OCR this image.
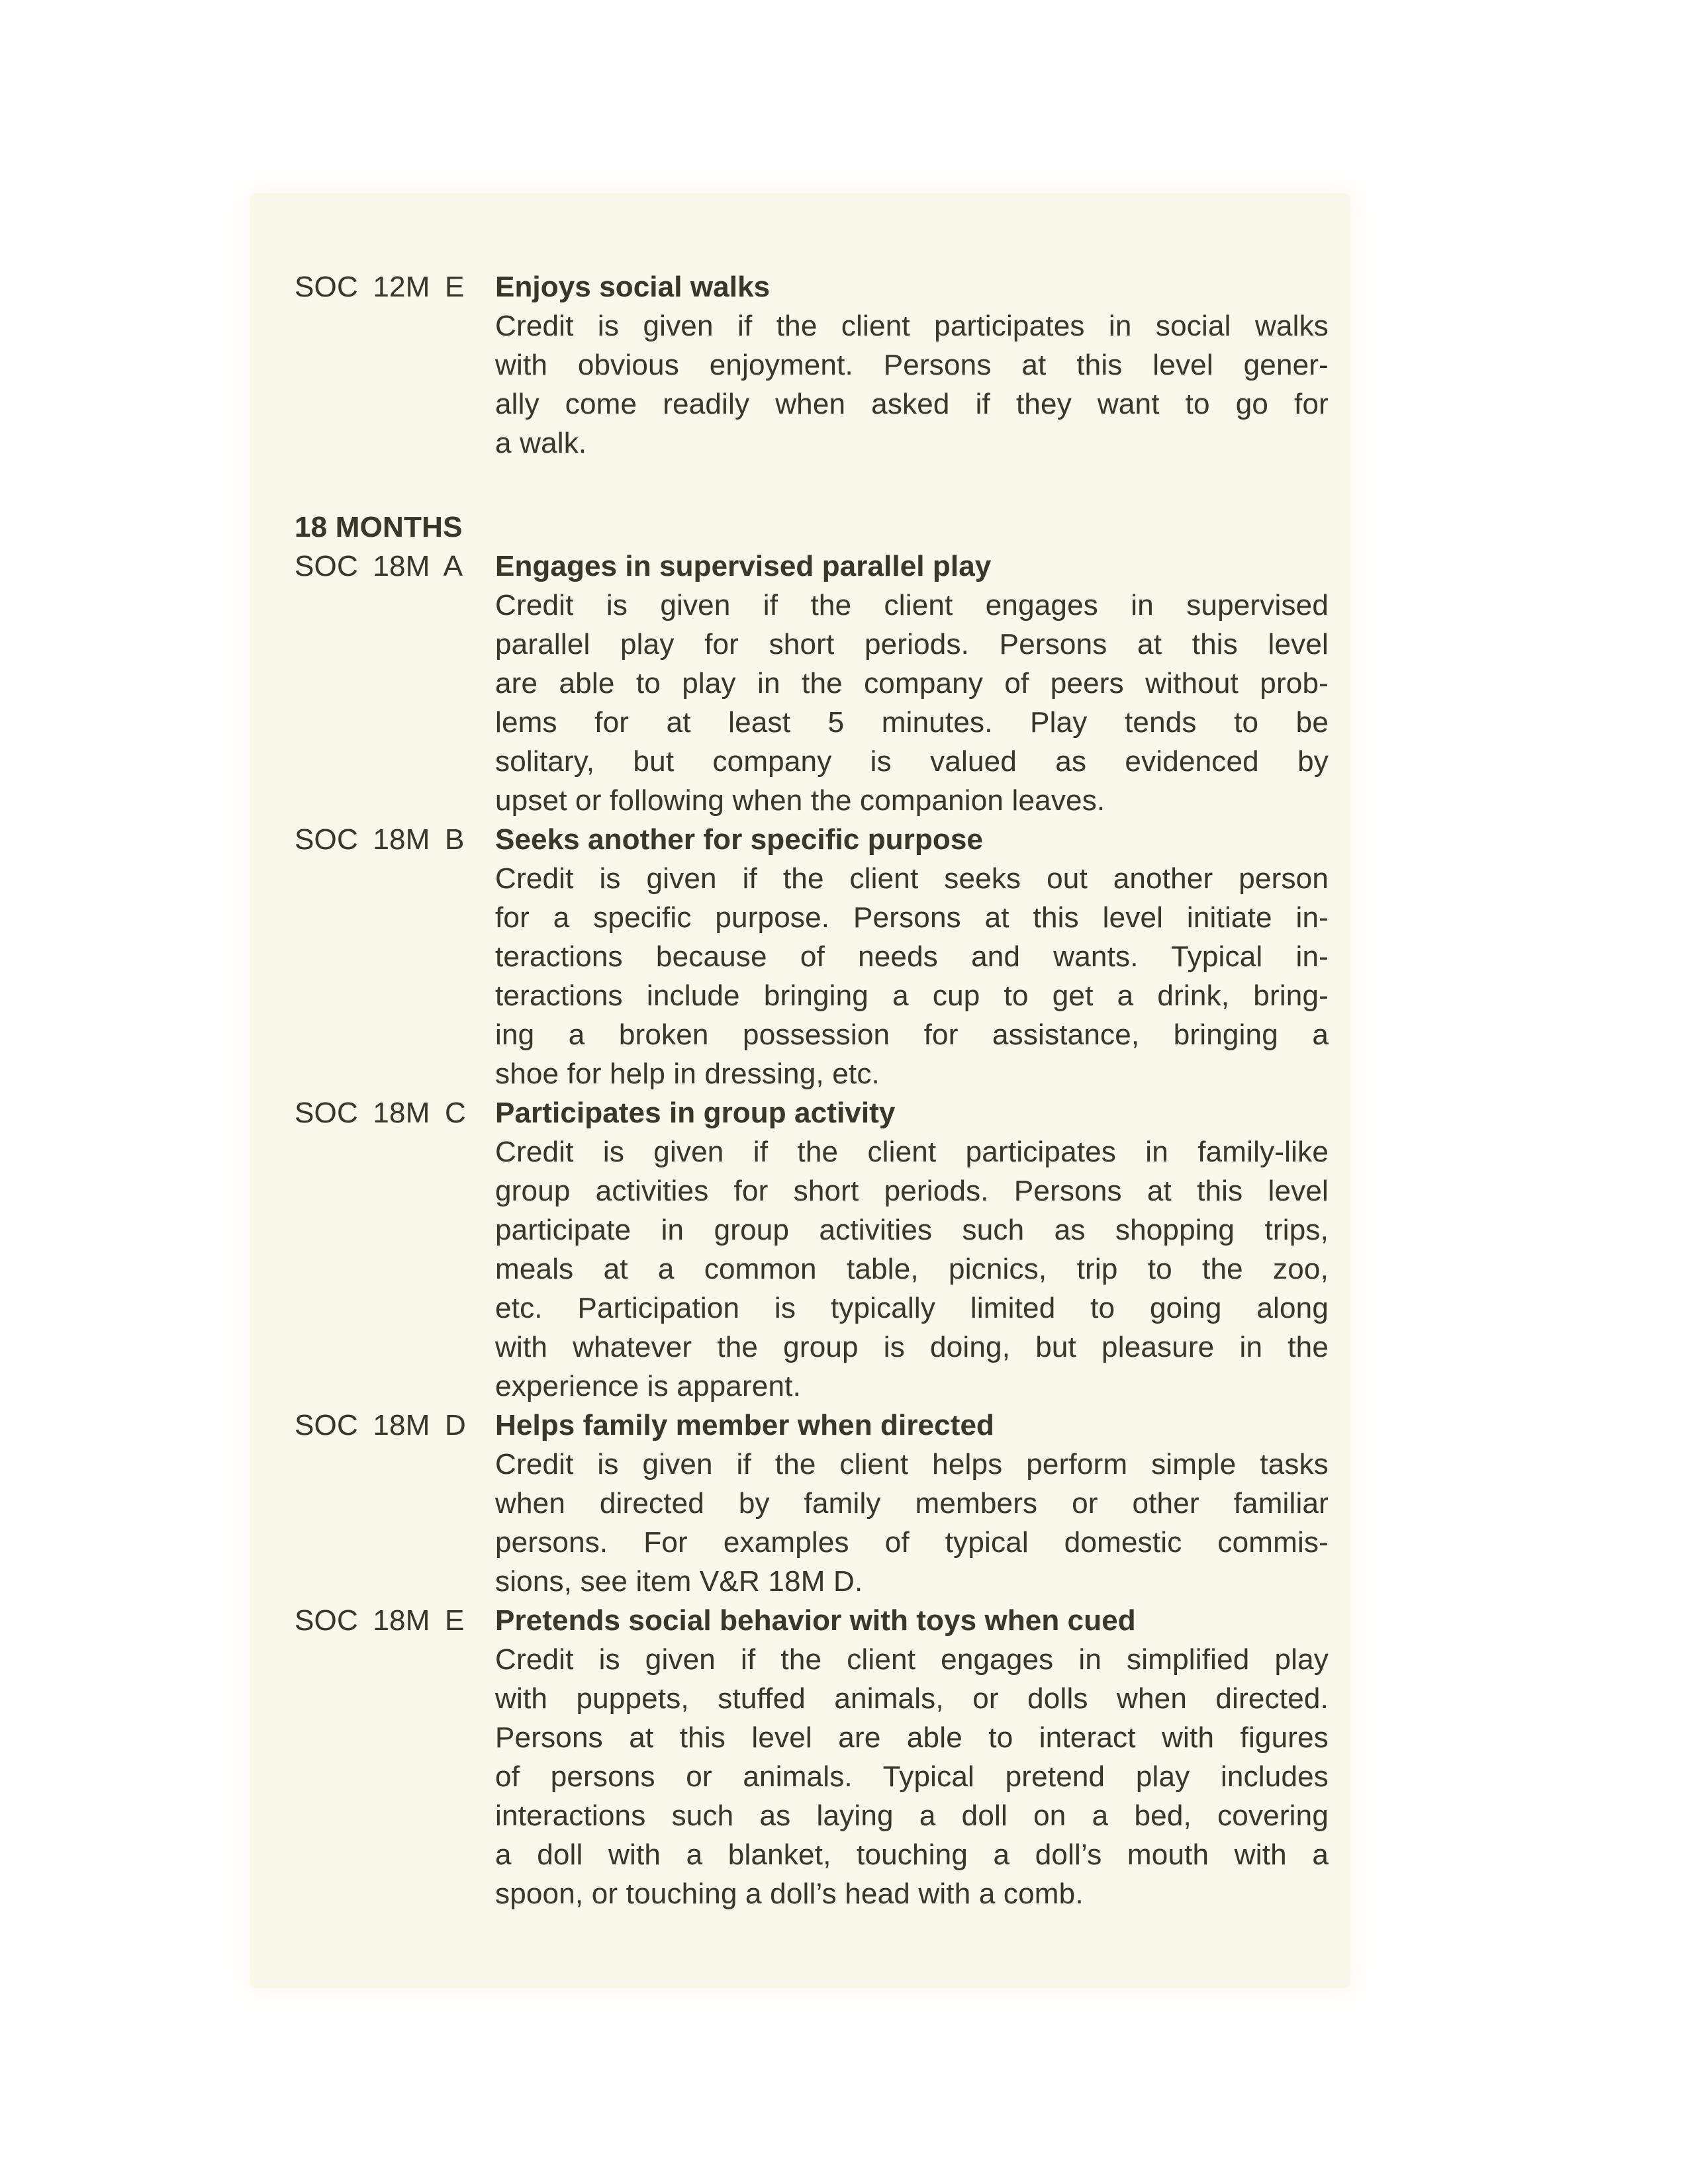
SOC 12M E	Enjoys social walks
Credit is given if the client participates in social walks
with obvious enjoyment. Persons at this level gener-
ally come readily when asked if they want to go for
a walk.
18 MONTHS
SOC 18M A	Engages in supervised parallel play
Credit is given if the client engages in supervised
parallel play for short periods. Persons at this level
are able to play in the company of peers without prob-
lems for at least 5 minutes. Play tends to be
solitary, but company is valued as evidenced by
upset or following when the companion leaves.
SOC 18M B	Seeks another for specific purpose
Credit is given if the client seeks out another person
for a specific purpose. Persons at this level initiate in-
teractions because of needs and wants. Typical in-
teractions include bringing a cup to get a drink, bring-
ing a broken possession for assistance, bringing a
shoe for help in dressing, etc.
SOC 18M C	Participates in group activity
Credit is given if the client participates in family-like
group activities for short periods. Persons at this level
participate in group activities such as shopping trips,
meals at a common table, picnics, trip to the zoo,
etc. Participation is typically limited to going along
with whatever the group is doing, but pleasure in the
experience is apparent.
SOC 18M D	Helps family member when directed
Credit is given if the client helps perform simple tasks
when directed by family members or other familiar
persons. For examples of typical domestic commis-
sions, see item V&R 18M D.
SOC 18M E	Pretends social behavior with toys when cued
Credit is given if the client engages in simplified play
with puppets, stuffed animals, or dolls when directed.
Persons at this level are able to interact with figures
of persons or animals. Typical pretend play includes
interactions such as laying a doll on a bed, covering
a doll with a blanket, touching a doll’s mouth with a
spoon, or touching a doll’s head with a comb.
